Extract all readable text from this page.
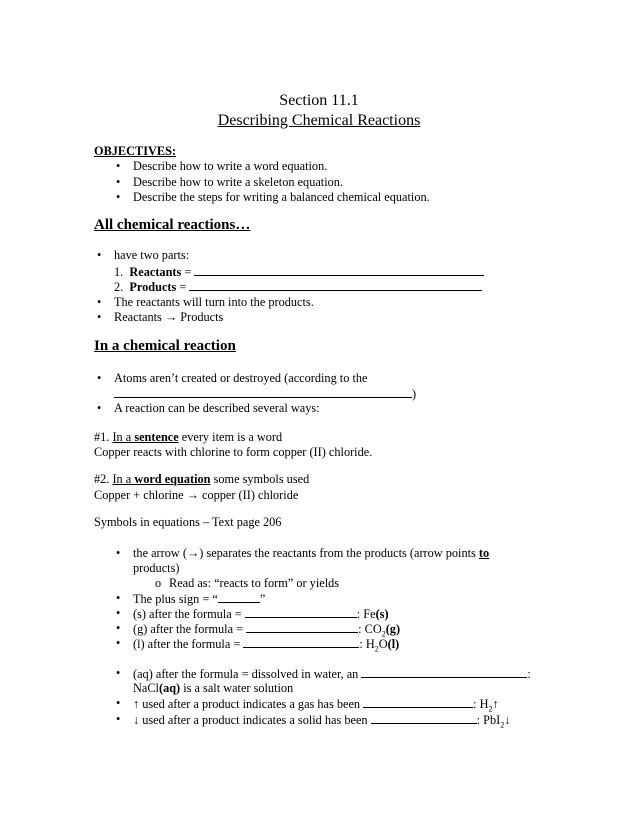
Section 11.1
Describing Chemical Reactions
OBJECTIVES:
• Describe how to write a word equation.
• Describe how to write a skeleton equation.
• Describe the steps for writing a balanced chemical equation.
All chemical reactions…
• have two parts:
1. Reactants =
2. Products =
• The reactants will turn into the products.
• Reactants → Products
In a chemical reaction
• Atoms aren’t created or destroyed (according to the
)
• A reaction can be described several ways:
#1. In a sentence every item is a word
Copper reacts with chlorine to form copper (II) chloride.
#2. In a word equation some symbols used
Copper + chlorine → copper (II) chloride
Symbols in equations – Text page 206
• the arrow (→) separates the reactants from the products (arrow points to
products)
o Read as: “reacts to form” or yields
• The plus sign = “	”
• (s) after the formula =	: Fe(s)
• (g) after the formula =	: $CO_2(g)$
• (l) after the formula =	: $H_2O(l)$
• (aq) after the formula = dissolved in water, an	:
NaCl(aq) is a salt water solution
• ↑ used after a product indicates a gas has been	: $H_2↑$
• ↓ used after a product indicates a solid has been	: PbI$_2$↓
